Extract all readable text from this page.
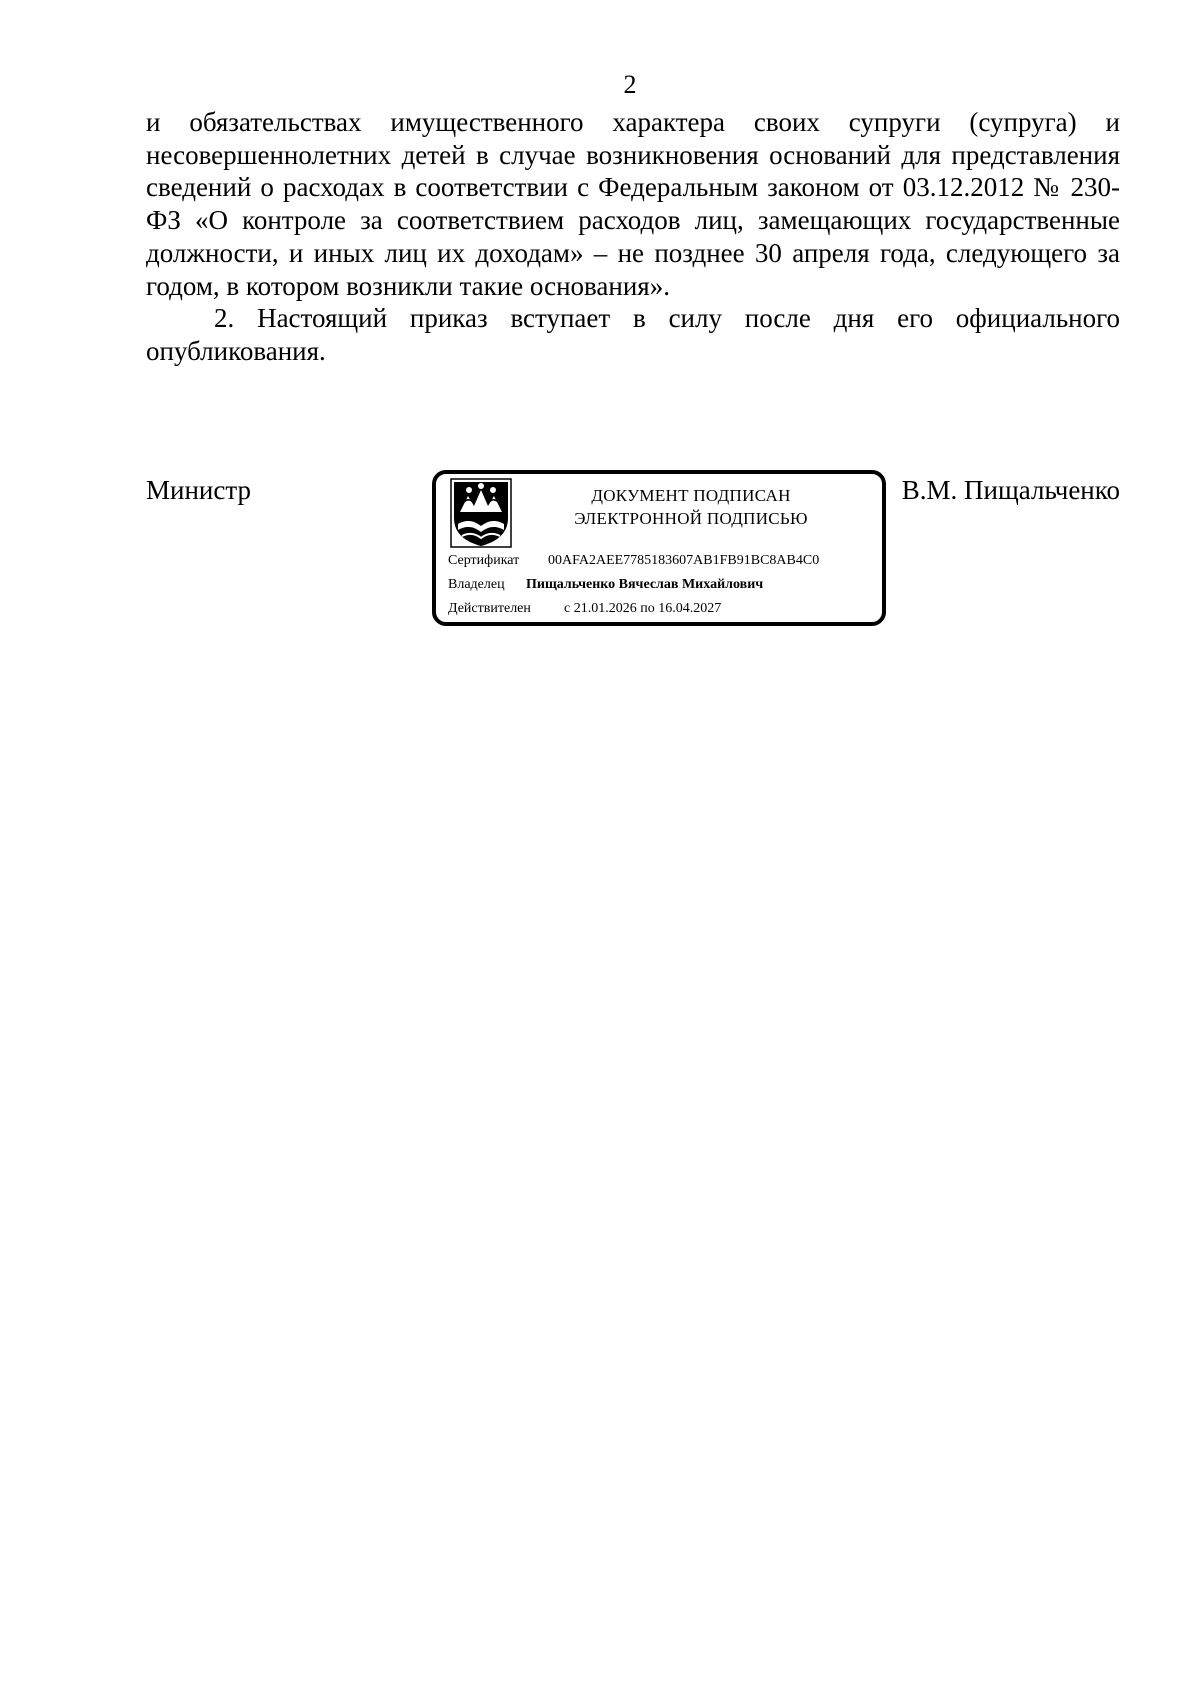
2

и обязательствах имущественного характера своих супруги (супруга) и несовершеннолетних детей в случае возникновения оснований для представления сведений о расходах в соответствии с Федеральным законом от 03.12.2012 № 230-ФЗ «О контроле за соответствием расходов лиц, замещающих государственные должности, и иных лиц их доходам» – не позднее 30 апреля года, следующего за годом, в котором возникли такие основания».

2. Настоящий приказ вступает в силу после дня его официального опубликования.

Министр	В.М. Пищальченко
ДОКУМЕНТ ПОДПИСАН
ЭЛЕКТРОННОЙ ПОДПИСЬЮ
Сертификат 00AFA2AEE7785183607AB1FB91BC8AB4C0
Владелец Пищальченко Вячеслав Михайлович
Действителен с 21.01.2026 по 16.04.2027
